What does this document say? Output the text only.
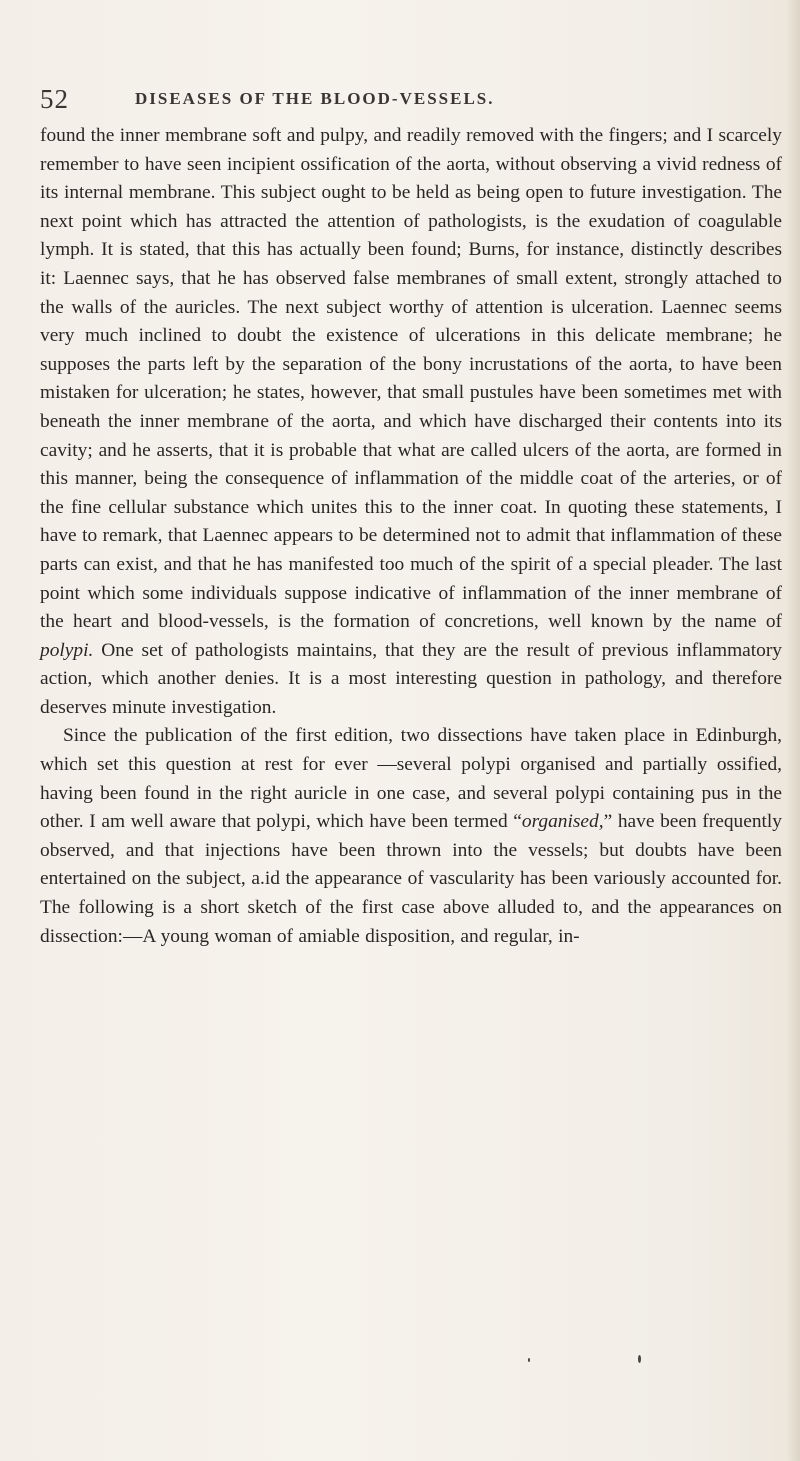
52	DISEASES OF THE BLOOD-VESSELS.

found the inner membrane soft and pulpy, and readily removed with the fingers; and I scarcely remember to have seen incipient ossification of the aorta, without observing a vivid redness of its internal membrane. This subject ought to be held as being open to future investigation. The next point which has attracted the attention of pathologists, is the exudation of coagulable lymph. It is stated, that this has actually been found; Burns, for instance, distinctly describes it: Laennec says, that he has observed false membranes of small extent, strongly attached to the walls of the auricles. The next subject worthy of attention is ulceration. Laennec seems very much inclined to doubt the existence of ulcerations in this delicate membrane; he supposes the parts left by the separation of the bony incrustations of the aorta, to have been mistaken for ulceration; he states, however, that small pustules have been sometimes met with beneath the inner membrane of the aorta, and which have discharged their contents into its cavity; and he asserts, that it is probable that what are called ulcers of the aorta, are formed in this manner, being the consequence of inflammation of the middle coat of the arteries, or of the fine cellular substance which unites this to the inner coat. In quoting these statements, I have to remark, that Laennec appears to be determined not to admit that inflammation of these parts can exist, and that he has manifested too much of the spirit of a special pleader. The last point which some individuals suppose indicative of inflammation of the inner membrane of the heart and blood-vessels, is the formation of concretions, well known by the name of polypi. One set of pathologists maintains, that they are the result of previous inflammatory action, which another denies. It is a most interesting question in pathology, and therefore deserves minute investigation.

Since the publication of the first edition, two dissections have taken place in Edinburgh, which set this question at rest for ever —several polypi organised and partially ossified, having been found in the right auricle in one case, and several polypi containing pus in the other. I am well aware that polypi, which have been termed “organised,” have been frequently observed, and that injections have been thrown into the vessels; but doubts have been entertained on the subject, a.id the appearance of vascularity has been variously accounted for. The following is a short sketch of the first case above alluded to, and the appearances on dissection:—A young woman of amiable disposition, and regular, in-
